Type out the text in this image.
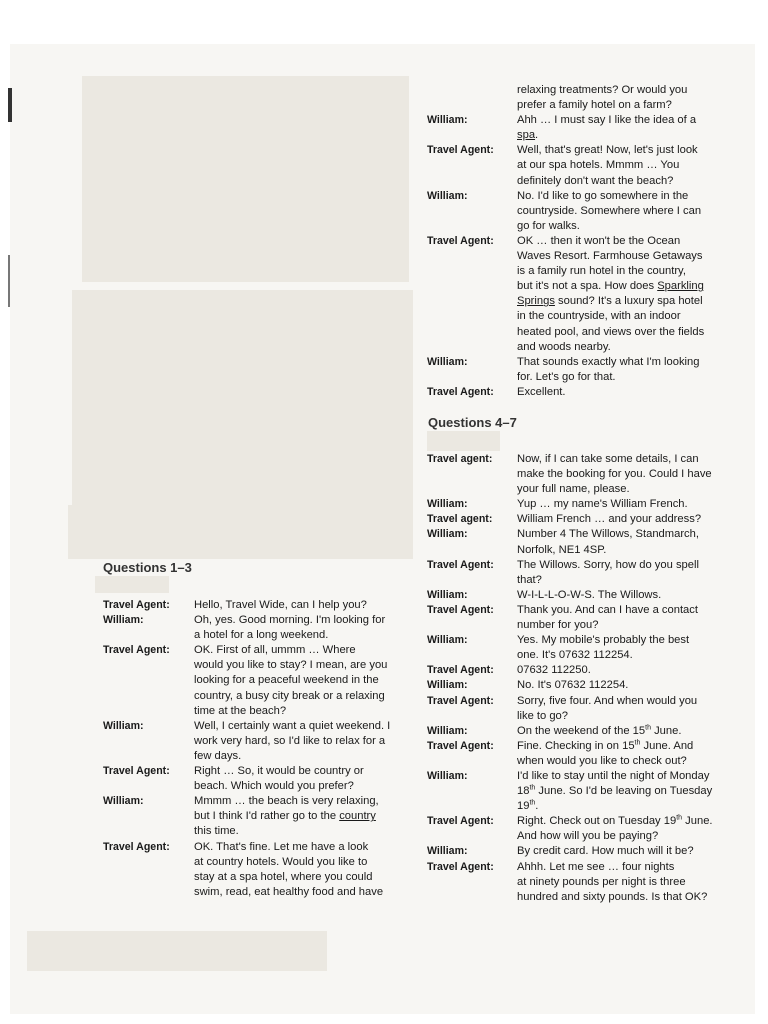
Questions 1–3
Questions 4–7
Travel Agent:	Hello, Travel Wide, can I help you?
William:	Oh, yes. Good morning. I'm looking for
a hotel for a long weekend.
Travel Agent:	OK. First of all, ummm … Where
would you like to stay? I mean, are you
looking for a peaceful weekend in the
country, a busy city break or a relaxing
time at the beach?
William:	Well, I certainly want a quiet weekend. I
work very hard, so I'd like to relax for a
few days.
Travel Agent:	Right … So, it would be country or
beach. Which would you prefer?
William:	Mmmm … the beach is very relaxing,
but I think I'd rather go to the country
this time.
Travel Agent:	OK. That's fine. Let me have a look
at country hotels. Would you like to
stay at a spa hotel, where you could
swim, read, eat healthy food and have
relaxing treatments? Or would you
prefer a family hotel on a farm?
William:	Ahh … I must say I like the idea of a
spa.
Travel Agent:	Well, that's great! Now, let's just look
at our spa hotels. Mmmm … You
definitely don't want the beach?
William:	No. I'd like to go somewhere in the
countryside. Somewhere where I can
go for walks.
Travel Agent:	OK … then it won't be the Ocean
Waves Resort. Farmhouse Getaways
is a family run hotel in the country,
but it's not a spa. How does Sparkling
Springs sound? It's a luxury spa hotel
in the countryside, with an indoor
heated pool, and views over the fields
and woods nearby.
William:	That sounds exactly what I'm looking
for. Let's go for that.
Travel Agent:	Excellent.
Travel agent:	Now, if I can take some details, I can
make the booking for you. Could I have
your full name, please.
William:	Yup … my name's William French.
Travel agent:	William French … and your address?
William:	Number 4 The Willows, Standmarch,
Norfolk, NE1 4SP.
Travel Agent:	The Willows. Sorry, how do you spell
that?
William:	W-I-L-L-O-W-S. The Willows.
Travel Agent:	Thank you. And can I have a contact
number for you?
William:	Yes. My mobile's probably the best
one. It's 07632 112254.
Travel Agent:	07632 112250.
William:	No. It's 07632 112254.
Travel Agent:	Sorry, five four. And when would you
like to go?
William:	On the weekend of the 15th June.
Travel Agent:	Fine. Checking in on 15th June. And
when would you like to check out?
William:	I'd like to stay until the night of Monday
18th June. So I'd be leaving on Tuesday
19th.
Travel Agent:	Right. Check out on Tuesday 19th June.
And how will you be paying?
William:	By credit card. How much will it be?
Travel Agent:	Ahhh. Let me see … four nights
at ninety pounds per night is three
hundred and sixty pounds. Is that OK?
